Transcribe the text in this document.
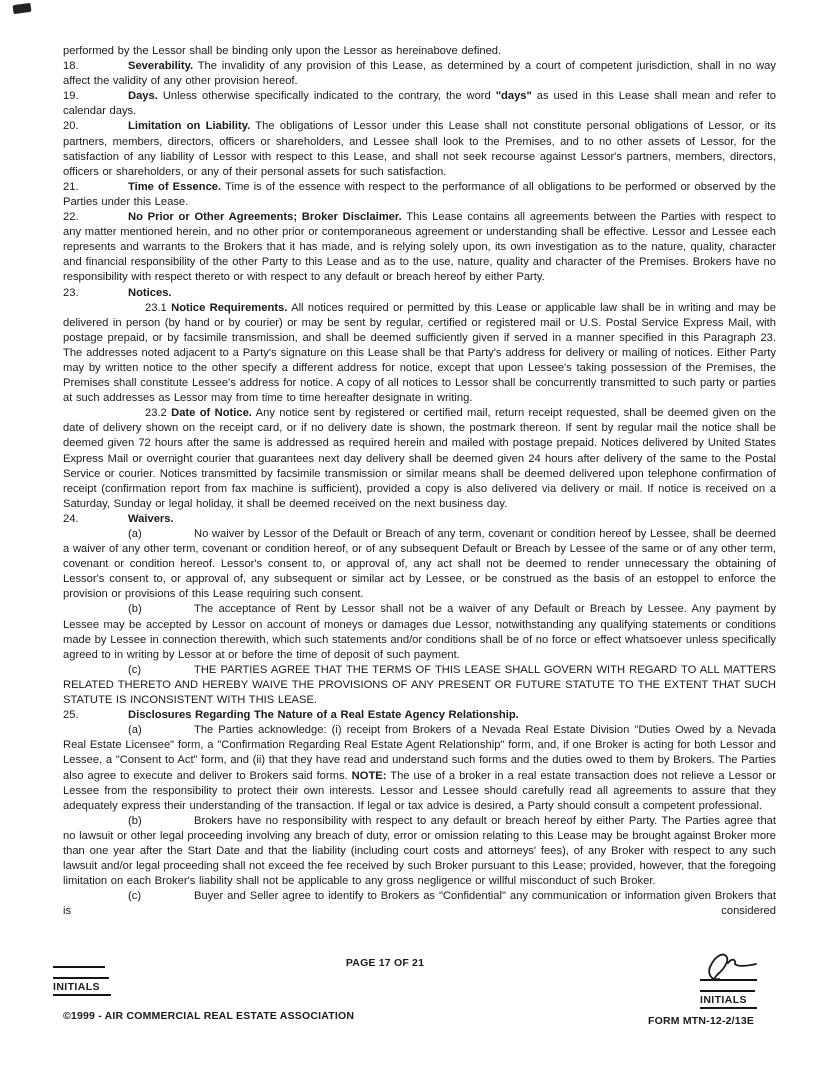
performed by the Lessor shall be binding only upon the Lessor as hereinabove defined.

18.	Severability. The invalidity of any provision of this Lease, as determined by a court of competent jurisdiction, shall in no way affect the validity of any other provision hereof.

19.	Days. Unless otherwise specifically indicated to the contrary, the word "days" as used in this Lease shall mean and refer to calendar days.

20.	Limitation on Liability. The obligations of Lessor under this Lease shall not constitute personal obligations of Lessor, or its partners, members, directors, officers or shareholders, and Lessee shall look to the Premises, and to no other assets of Lessor, for the satisfaction of any liability of Lessor with respect to this Lease, and shall not seek recourse against Lessor's partners, members, directors, officers or shareholders, or any of their personal assets for such satisfaction.

21.	Time of Essence. Time is of the essence with respect to the performance of all obligations to be performed or observed by the Parties under this Lease.

22.	No Prior or Other Agreements; Broker Disclaimer. This Lease contains all agreements between the Parties with respect to any matter mentioned herein, and no other prior or contemporaneous agreement or understanding shall be effective. Lessor and Lessee each represents and warrants to the Brokers that it has made, and is relying solely upon, its own investigation as to the nature, quality, character and financial responsibility of the other Party to this Lease and as to the use, nature, quality and character of the Premises. Brokers have no responsibility with respect thereto or with respect to any default or breach hereof by either Party.

23.	Notices.

23.1 Notice Requirements. All notices required or permitted by this Lease or applicable law shall be in writing and may be delivered in person (by hand or by courier) or may be sent by regular, certified or registered mail or U.S. Postal Service Express Mail, with postage prepaid, or by facsimile transmission, and shall be deemed sufficiently given if served in a manner specified in this Paragraph 23. The addresses noted adjacent to a Party's signature on this Lease shall be that Party's address for delivery or mailing of notices. Either Party may by written notice to the other specify a different address for notice, except that upon Lessee's taking possession of the Premises, the Premises shall constitute Lessee's address for notice. A copy of all notices to Lessor shall be concurrently transmitted to such party or parties at such addresses as Lessor may from time to time hereafter designate in writing.

23.2 Date of Notice. Any notice sent by registered or certified mail, return receipt requested, shall be deemed given on the date of delivery shown on the receipt card, or if no delivery date is shown, the postmark thereon. If sent by regular mail the notice shall be deemed given 72 hours after the same is addressed as required herein and mailed with postage prepaid. Notices delivered by United States Express Mail or overnight courier that guarantees next day delivery shall be deemed given 24 hours after delivery of the same to the Postal Service or courier. Notices transmitted by facsimile transmission or similar means shall be deemed delivered upon telephone confirmation of receipt (confirmation report from fax machine is sufficient), provided a copy is also delivered via delivery or mail. If notice is received on a Saturday, Sunday or legal holiday, it shall be deemed received on the next business day.

24.	Waivers.

(a)	No waiver by Lessor of the Default or Breach of any term, covenant or condition hereof by Lessee, shall be deemed a waiver of any other term, covenant or condition hereof, or of any subsequent Default or Breach by Lessee of the same or of any other term, covenant or condition hereof. Lessor's consent to, or approval of, any act shall not be deemed to render unnecessary the obtaining of Lessor's consent to, or approval of, any subsequent or similar act by Lessee, or be construed as the basis of an estoppel to enforce the provision or provisions of this Lease requiring such consent.

(b)	The acceptance of Rent by Lessor shall not be a waiver of any Default or Breach by Lessee. Any payment by Lessee may be accepted by Lessor on account of moneys or damages due Lessor, notwithstanding any qualifying statements or conditions made by Lessee in connection therewith, which such statements and/or conditions shall be of no force or effect whatsoever unless specifically agreed to in writing by Lessor at or before the time of deposit of such payment.

(c)	THE PARTIES AGREE THAT THE TERMS OF THIS LEASE SHALL GOVERN WITH REGARD TO ALL MATTERS RELATED THERETO AND HEREBY WAIVE THE PROVISIONS OF ANY PRESENT OR FUTURE STATUTE TO THE EXTENT THAT SUCH STATUTE IS INCONSISTENT WITH THIS LEASE.

25.	Disclosures Regarding The Nature of a Real Estate Agency Relationship.

(a)	The Parties acknowledge: (i) receipt from Brokers of a Nevada Real Estate Division "Duties Owed by a Nevada Real Estate Licensee" form, a "Confirmation Regarding Real Estate Agent Relationship" form, and, if one Broker is acting for both Lessor and Lessee, a "Consent to Act" form, and (ii) that they have read and understand such forms and the duties owed to them by Brokers. The Parties also agree to execute and deliver to Brokers said forms. NOTE: The use of a broker in a real estate transaction does not relieve a Lessor or Lessee from the responsibility to protect their own interests. Lessor and Lessee should carefully read all agreements to assure that they adequately express their understanding of the transaction. If legal or tax advice is desired, a Party should consult a competent professional.

(b)	Brokers have no responsibility with respect to any default or breach hereof by either Party. The Parties agree that no lawsuit or other legal proceeding involving any breach of duty, error or omission relating to this Lease may be brought against Broker more than one year after the Start Date and that the liability (including court costs and attorneys' fees), of any Broker with respect to any such lawsuit and/or legal proceeding shall not exceed the fee received by such Broker pursuant to this Lease; provided, however, that the foregoing limitation on each Broker's liability shall not be applicable to any gross negligence or willful misconduct of such Broker.

(c)	Buyer and Seller agree to identify to Brokers as "Confidential" any communication or information given Brokers that is considered

PAGE 17 OF 21
INITIALS
INITIALS
©1999 - AIR COMMERCIAL REAL ESTATE ASSOCIATION	FORM MTN-12-2/13E
